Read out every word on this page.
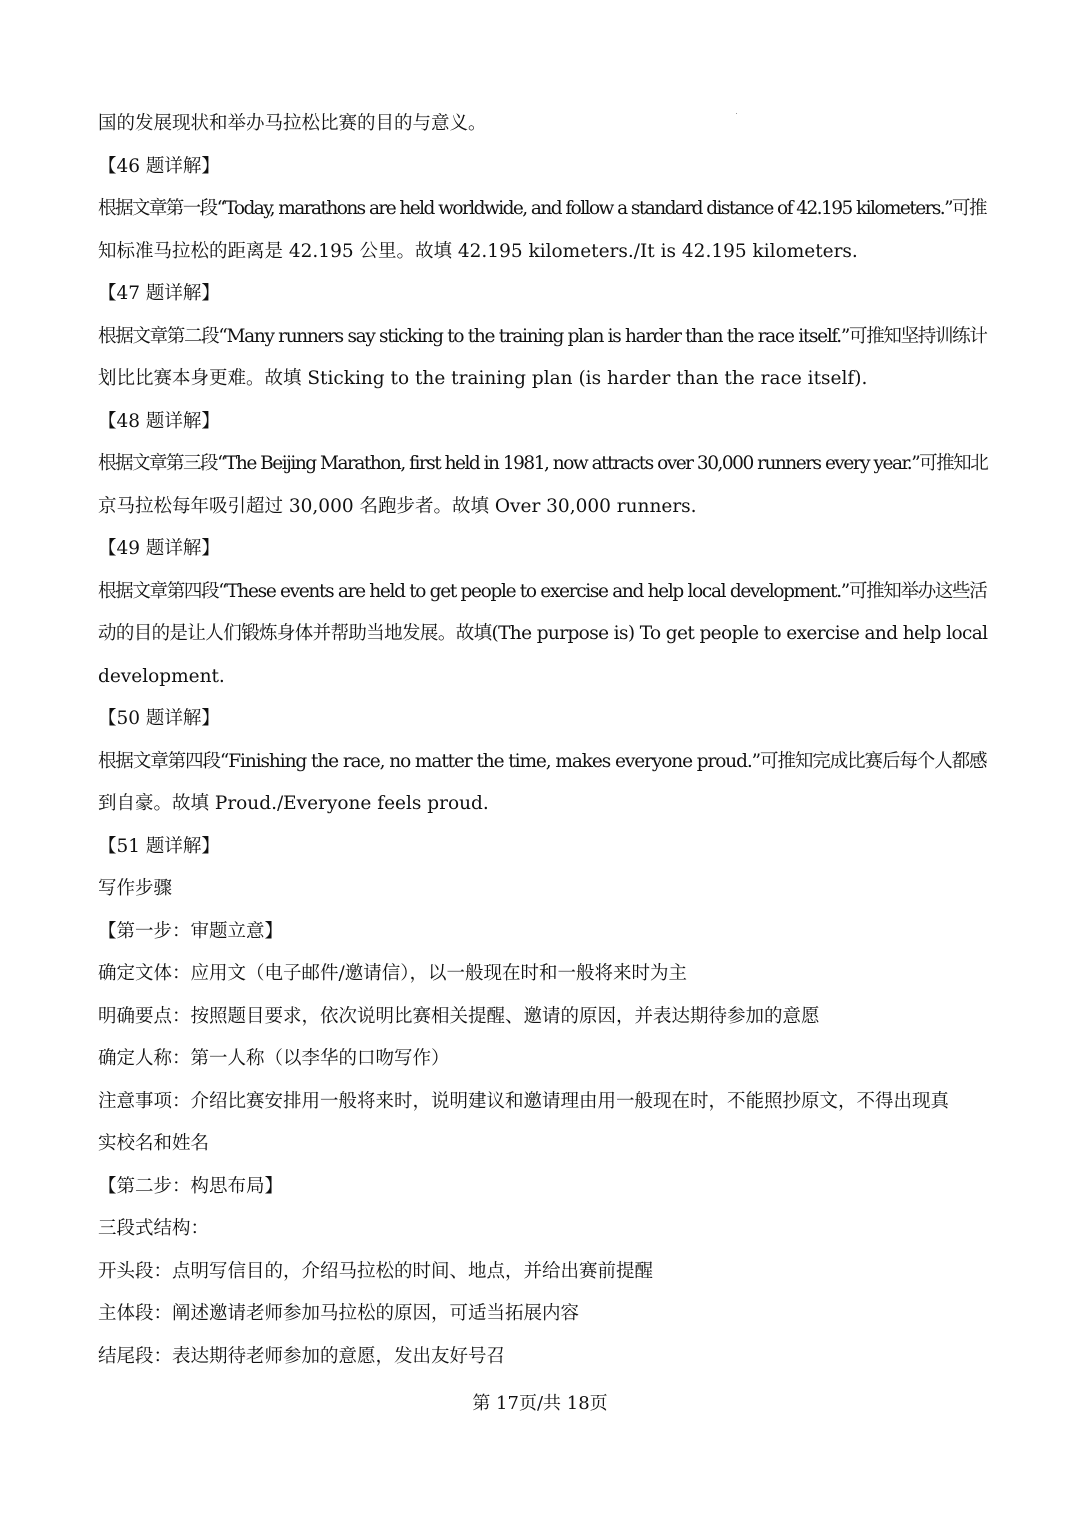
国的发展现状和举办马拉松比赛的目的与意义。
【46 题详解】
根据文章第一段“Today, marathons are held worldwide, and follow a standard distance of 42.195 kilometers.”可推
知标准马拉松的距离是 42.195 公里。故填 42.195 kilometers./It is 42.195 kilometers.
【47 题详解】
根据文章第二段“Many runners say sticking to the training plan is harder than the race itself.”可推知坚持训练计
划比比赛本身更难。故填 Sticking to the training plan (is harder than the race itself).
【48 题详解】
根据文章第三段“The Beijing Marathon, first held in 1981, now attracts over 30,000 runners every year.”可推知北
京马拉松每年吸引超过 30,000 名跑步者。故填 Over 30,000 runners.
【49 题详解】
根据文章第四段“These events are held to get people to exercise and help local development.”可推知举办这些活
动的目的是让人们锻炼身体并帮助当地发展。故填(The purpose is) To get people to exercise and help local
development.
【50 题详解】
根据文章第四段“Finishing the race, no matter the time, makes everyone proud.”可推知完成比赛后每个人都感
到自豪。故填 Proud./Everyone feels proud.
【51 题详解】
写作步骤
【第一步：审题立意】
确定文体：应用文（电子邮件/邀请信），以一般现在时和一般将来时为主
明确要点：按照题目要求，依次说明比赛相关提醒、邀请的原因，并表达期待参加的意愿
确定人称：第一人称（以李华的口吻写作）
注意事项：介绍比赛安排用一般将来时，说明建议和邀请理由用一般现在时，不能照抄原文，不得出现真
实校名和姓名
【第二步：构思布局】
三段式结构：
开头段：点明写信目的，介绍马拉松的时间、地点，并给出赛前提醒
主体段：阐述邀请老师参加马拉松的原因，可适当拓展内容
结尾段：表达期待老师参加的意愿，发出友好号召
第 17页/共 18页
